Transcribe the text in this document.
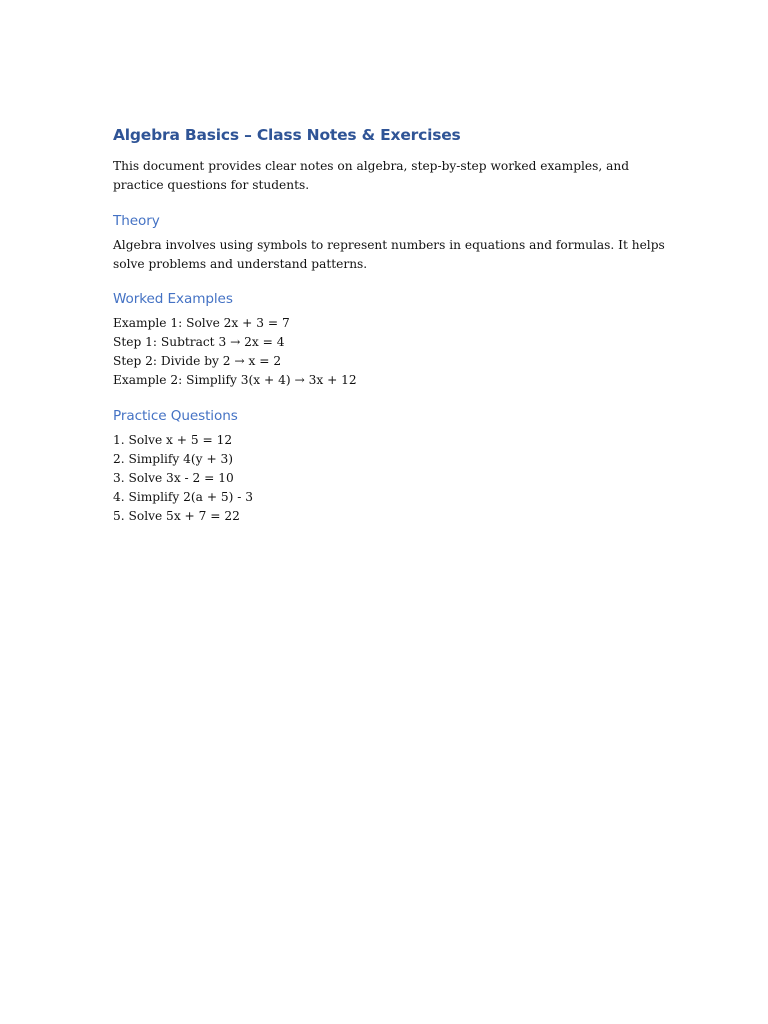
Algebra Basics – Class Notes & Exercises

This document provides clear notes on algebra, step-by-step worked examples, and practice questions for students.

Theory

Algebra involves using symbols to represent numbers in equations and formulas. It helps solve problems and understand patterns.

Worked Examples
Example 1: Solve 2x + 3 = 7
Step 1: Subtract 3 → 2x = 4
Step 2: Divide by 2 → x = 2
Example 2: Simplify 3(x + 4) → 3x + 12
Practice Questions
1. Solve x + 5 = 12
2. Simplify 4(y + 3)
3. Solve 3x - 2 = 10
4. Simplify 2(a + 5) - 3
5. Solve 5x + 7 = 22
